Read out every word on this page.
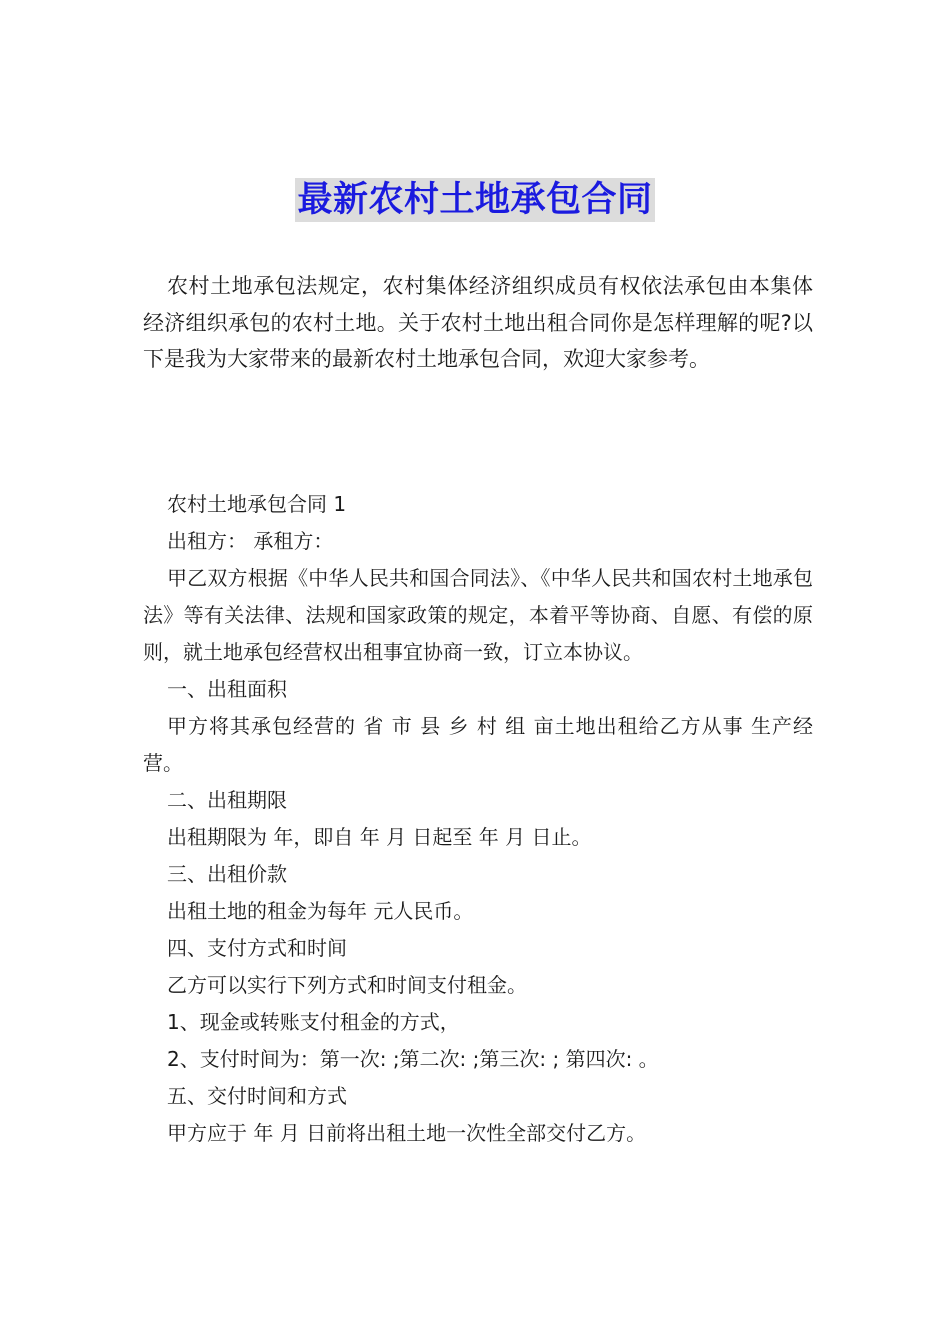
最新农村土地承包合同

农村土地承包法规定，农村集体经济组织成员有权依法承包由本集体经济组织承包的农村土地。关于农村土地出租合同你是怎样理解的呢?以下是我为大家带来的最新农村土地承包合同，欢迎大家参考。

农村土地承包合同 1

出租方： 承租方：

甲乙双方根据《中华人民共和国合同法》、《中华人民共和国农村土地承包法》等有关法律、法规和国家政策的规定，本着平等协商、自愿、有偿的原则，就土地承包经营权出租事宜协商一致，订立本协议。

一、出租面积

甲方将其承包经营的 省 市 县 乡 村 组 亩土地出租给乙方从事 生产经营。

二、出租期限

出租期限为 年，即自 年 月 日起至 年 月 日止。

三、出租价款

出租土地的租金为每年 元人民币。

四、支付方式和时间

乙方可以实行下列方式和时间支付租金。

1、现金或转账支付租金的方式，

2、支付时间为：第一次: ;第二次: ;第三次: ; 第四次: 。

五、交付时间和方式

甲方应于 年 月 日前将出租土地一次性全部交付乙方。
